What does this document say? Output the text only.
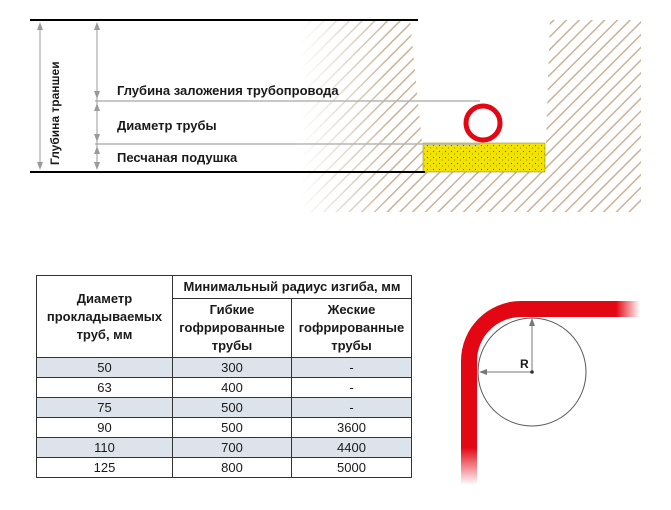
Глубина траншеи	Глубина заложения трубопровода
Диаметр трубы
Песчаная подушка
Диаметр
прокладываемых
труб, мм	Минимальный радиус изгиба, мм	

	Гибкие
гофрированные
трубы	Жеские
гофрированные
трубы

50	300	-
63	400	-
75	500	-
90	500	3600
110	700	4400
125	800	5000
R
